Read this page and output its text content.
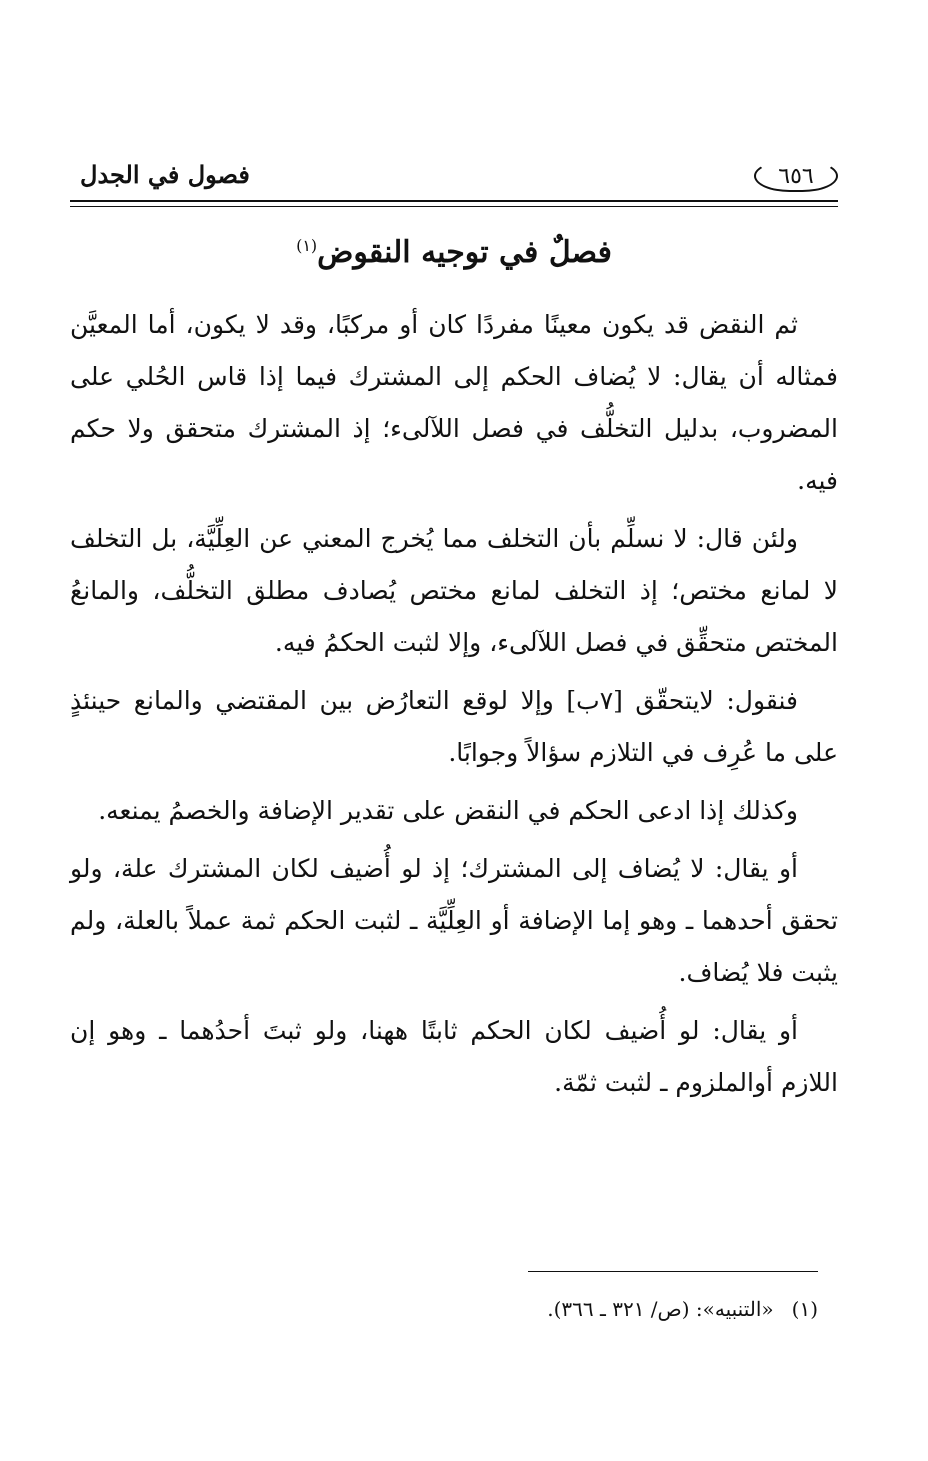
٦٥٦
فصول في الجدل
فصلٌ في توجيه النقوض$^{(١)}$

ثم النقض قد يكون معينًا مفردًا كان أو مركبًا، وقد لا يكون، أما المعيَّن فمثاله أن يقال: لا يُضاف الحكم إلى المشترك فيما إذا قاس الحُلي على المضروب، بدليل التخلُّف في فصل اللآلىء؛ إذ المشترك متحقق ولا حكم فيه.

ولئن قال: لا نسلِّم بأن التخلف مما يُخرج المعني عن العِلِّيَّة، بل التخلف لا لمانع مختص؛ إذ التخلف لمانع مختص يُصادف مطلق التخلُّف، والمانعُ المختص متحقِّق في فصل اللآلىء، وإلا لثبت الحكمُ فيه.

فنقول: لايتحقّق [٧ب] وإلا لوقع التعارُض بين المقتضي والمانع حينئذٍ على ما عُرِف في التلازم سؤالاً وجوابًا.

وكذلك إذا ادعى الحكم في النقض على تقدير الإضافة والخصمُ يمنعه.

أو يقال: لا يُضاف إلى المشترك؛ إذ لو أُضيف لكان المشترك علة، ولو تحقق أحدهما ـ وهو إما الإضافة أو العِلِّيَّة ـ لثبت الحكم ثمة عملاً بالعلة، ولم يثبت فلا يُضاف.

أو يقال: لو أُضيف لكان الحكم ثابتًا ههنا، ولو ثبتَ أحدُهما ـ وهو إن اللازم أوالملزوم ـ لثبت ثمّة.

(١)«التنبيه»: (ص/ ٣٢١ ـ ٣٦٦).
